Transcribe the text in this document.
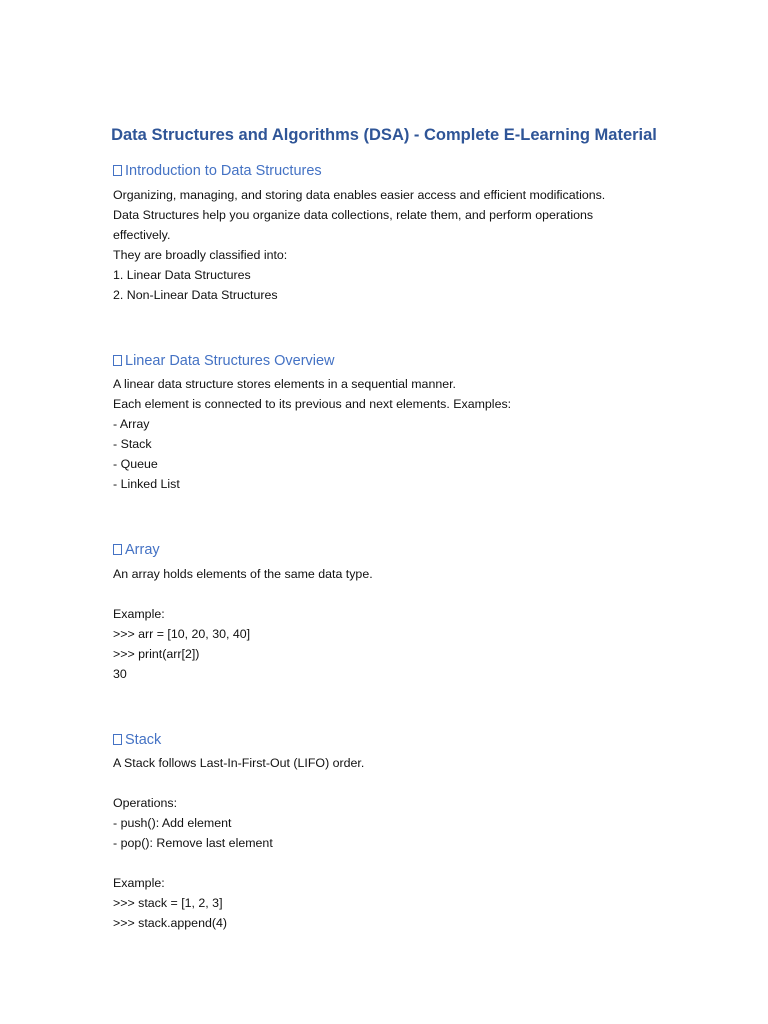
Data Structures and Algorithms (DSA) - Complete E-Learning Material
Introduction to Data Structures
Organizing, managing, and storing data enables easier access and efficient modifications.
Data Structures help you organize data collections, relate them, and perform operations
effectively.
They are broadly classified into:
1. Linear Data Structures
2. Non-Linear Data Structures
Linear Data Structures Overview
A linear data structure stores elements in a sequential manner.
Each element is connected to its previous and next elements. Examples:
- Array
- Stack
- Queue
- Linked List
Array
An array holds elements of the same data type.
Example:
>>> arr = [10, 20, 30, 40]
>>> print(arr[2])
30
Stack
A Stack follows Last-In-First-Out (LIFO) order.
Operations:
- push(): Add element
- pop(): Remove last element
Example:
>>> stack = [1, 2, 3]
>>> stack.append(4)
